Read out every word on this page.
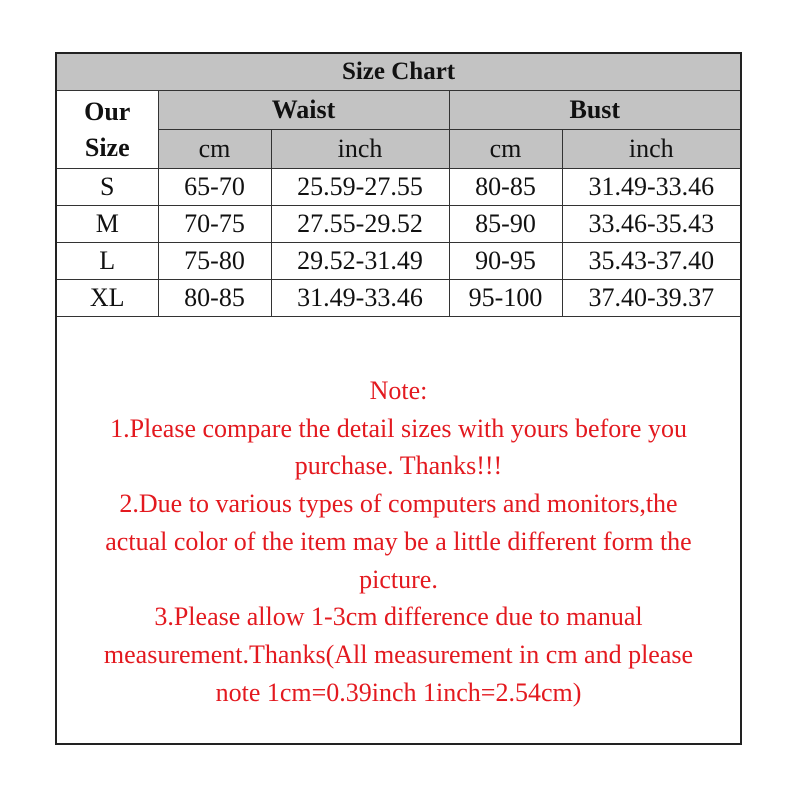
Size Chart				

Our
Size	Waist		Bust	
	cm	inch	cm	inch
S	65-70	25.59-27.55	80-85	31.49-33.46
M	70-75	27.55-29.52	85-90	33.46-35.43
L	75-80	29.52-31.49	90-95	35.43-37.40
XL	80-85	31.49-33.46	95-100	37.40-39.37
Note:
1.Please compare the detail sizes with yours before you
purchase. Thanks!!!
2.Due to various types of computers and monitors,the
actual color of the item may be a little different form the
picture.
3.Please allow 1-3cm difference due to manual
measurement.Thanks(All measurement in cm and please
note 1cm=0.39inch 1inch=2.54cm)
